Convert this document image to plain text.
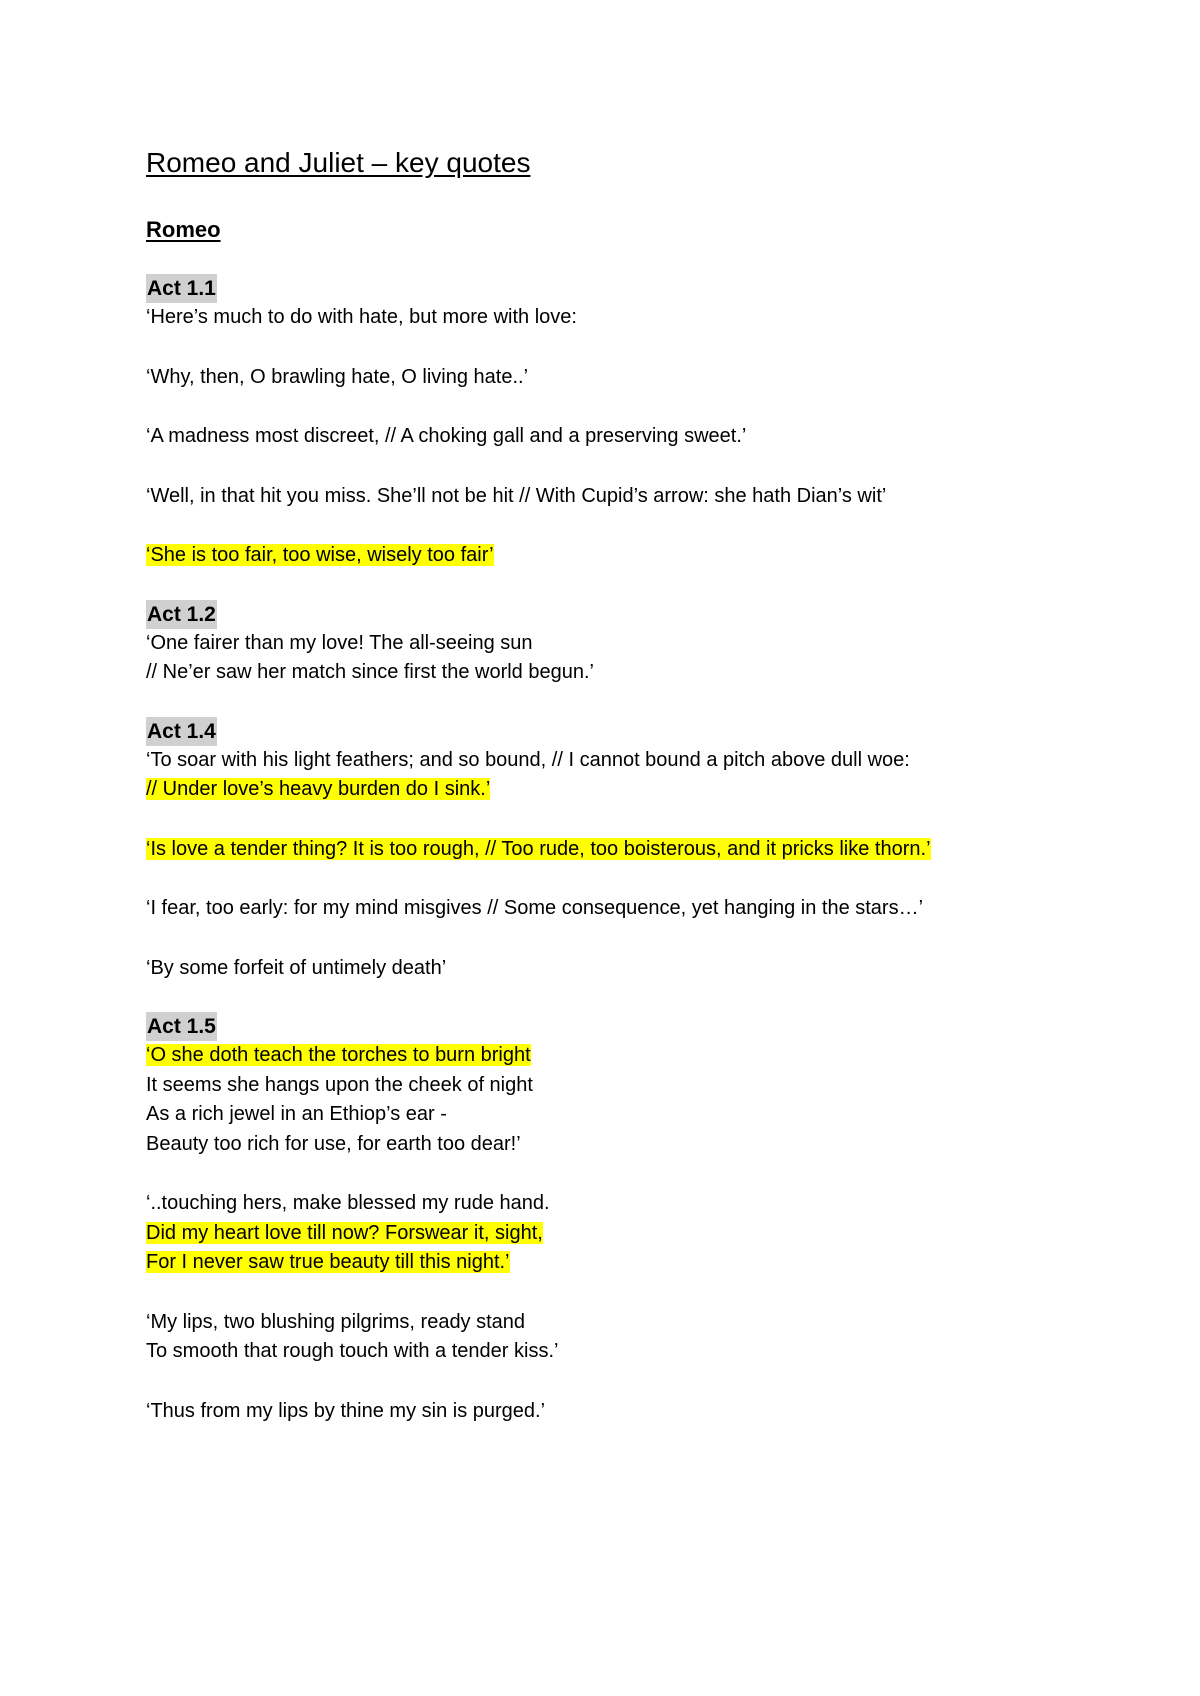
Romeo and Juliet – key quotes
Romeo
Act 1.1
‘Here’s much to do with hate, but more with love:
‘Why, then, O brawling hate, O living hate..’
‘A madness most discreet, // A choking gall and a preserving sweet.’
‘Well, in that hit you miss. She’ll not be hit // With Cupid’s arrow: she hath Dian’s wit’
‘She is too fair, too wise, wisely too fair’
Act 1.2
‘One fairer than my love! The all-seeing sun
// Ne’er saw her match since first the world begun.’
Act 1.4
‘To soar with his light feathers; and so bound, // I cannot bound a pitch above dull woe:
// Under love’s heavy burden do I sink.’
‘Is love a tender thing? It is too rough, // Too rude, too boisterous, and it pricks like thorn.’
‘I fear, too early: for my mind misgives // Some consequence, yet hanging in the stars…’
‘By some forfeit of untimely death’
Act 1.5
‘O she doth teach the torches to burn bright
It seems she hangs upon the cheek of night
As a rich jewel in an Ethiop’s ear -
Beauty too rich for use, for earth too dear!’
‘..touching hers, make blessed my rude hand.
Did my heart love till now? Forswear it, sight,
For I never saw true beauty till this night.’
‘My lips, two blushing pilgrims, ready stand
To smooth that rough touch with a tender kiss.’
‘Thus from my lips by thine my sin is purged.’
